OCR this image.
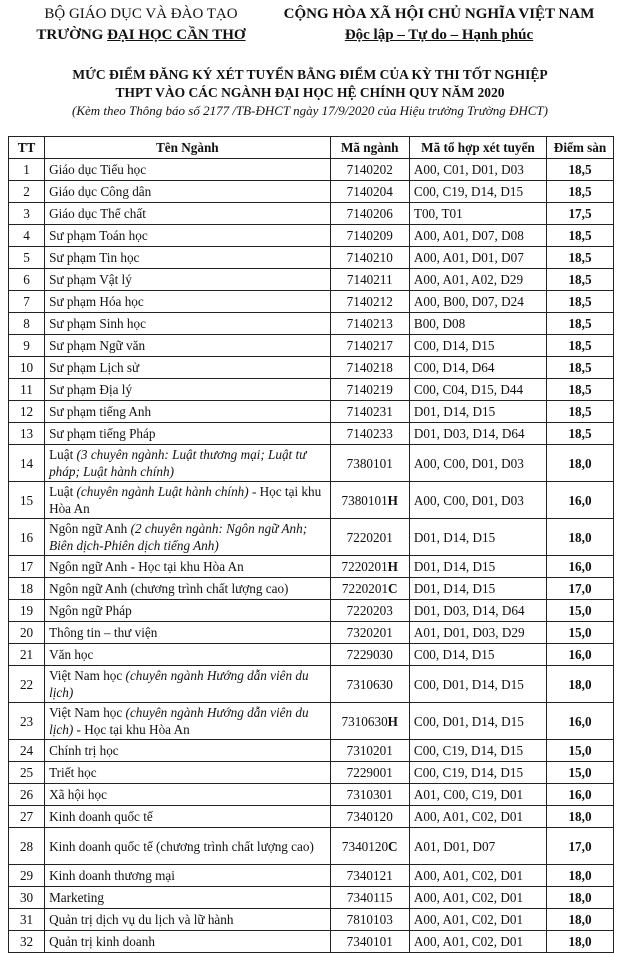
BỘ GIÁO DỤC VÀ ĐÀO TẠO
TRƯỜNG ĐẠI HỌC CẦN THƠ
CỘNG HÒA XÃ HỘI CHỦ NGHĨA VIỆT NAM
Độc lập – Tự do – Hạnh phúc
MỨC ĐIỂM ĐĂNG KÝ XÉT TUYỂN BẰNG ĐIỂM CỦA KỲ THI TỐT NGHIỆP
THPT VÀO CÁC NGÀNH ĐẠI HỌC HỆ CHÍNH QUY NĂM 2020
(Kèm theo Thông báo số 2177 /TB-ĐHCT ngày 17/9/2020 của Hiệu trưởng Trường ĐHCT)
TT	Tên Ngành	Mã ngành	Mã tổ hợp xét tuyển	Điểm sàn
1	Giáo dục Tiểu học	7140202	A00, C01, D01, D03	18,5
2	Giáo dục Công dân	7140204	C00, C19, D14, D15	18,5
3	Giáo dục Thể chất	7140206	T00, T01	17,5
4	Sư phạm Toán học	7140209	A00, A01, D07, D08	18,5
5	Sư phạm Tin học	7140210	A00, A01, D01, D07	18,5
6	Sư phạm Vật lý	7140211	A00, A01, A02, D29	18,5
7	Sư phạm Hóa học	7140212	A00, B00, D07, D24	18,5
8	Sư phạm Sinh học	7140213	B00, D08	18,5
9	Sư phạm Ngữ văn	7140217	C00, D14, D15	18,5
10	Sư phạm Lịch sử	7140218	C00, D14, D64	18,5
11	Sư phạm Địa lý	7140219	C00, C04, D15, D44	18,5
12	Sư phạm tiếng Anh	7140231	D01, D14, D15	18,5
13	Sư phạm tiếng Pháp	7140233	D01, D03, D14, D64	18,5
14	Luật (3 chuyên ngành: Luật thương mại; Luật tư pháp; Luật hành chính)	7380101	A00, C00, D01, D03	18,0
15	Luật (chuyên ngành Luật hành chính) - Học tại khu Hòa An	7380101H	A00, C00, D01, D03	16,0
16	Ngôn ngữ Anh (2 chuyên ngành: Ngôn ngữ Anh; Biên dịch-Phiên dịch tiếng Anh)	7220201	D01, D14, D15	18,0
17	Ngôn ngữ Anh - Học tại khu Hòa An	7220201H	D01, D14, D15	16,0
18	Ngôn ngữ Anh (chương trình chất lượng cao)	7220201C	D01, D14, D15	17,0
19	Ngôn ngữ Pháp	7220203	D01, D03, D14, D64	15,0
20	Thông tin – thư viện	7320201	A01, D01, D03, D29	15,0
21	Văn học	7229030	C00, D14, D15	16,0
22	Việt Nam học (chuyên ngành Hướng dẫn viên du lịch)	7310630	C00, D01, D14, D15	18,0
23	Việt Nam học (chuyên ngành Hướng dẫn viên du lịch) - Học tại khu Hòa An	7310630H	C00, D01, D14, D15	16,0
24	Chính trị học	7310201	C00, C19, D14, D15	15,0
25	Triết học	7229001	C00, C19, D14, D15	15,0
26	Xã hội học	7310301	A01, C00, C19, D01	16,0
27	Kinh doanh quốc tế	7340120	A00, A01, C02, D01	18,0
28	Kinh doanh quốc tế (chương trình chất lượng cao)	7340120C	A01, D01, D07	17,0
29	Kinh doanh thương mại	7340121	A00, A01, C02, D01	18,0
30	Marketing	7340115	A00, A01, C02, D01	18,0
31	Quản trị dịch vụ du lịch và lữ hành	7810103	A00, A01, C02, D01	18,0
32	Quản trị kinh doanh	7340101	A00, A01, C02, D01	18,0
